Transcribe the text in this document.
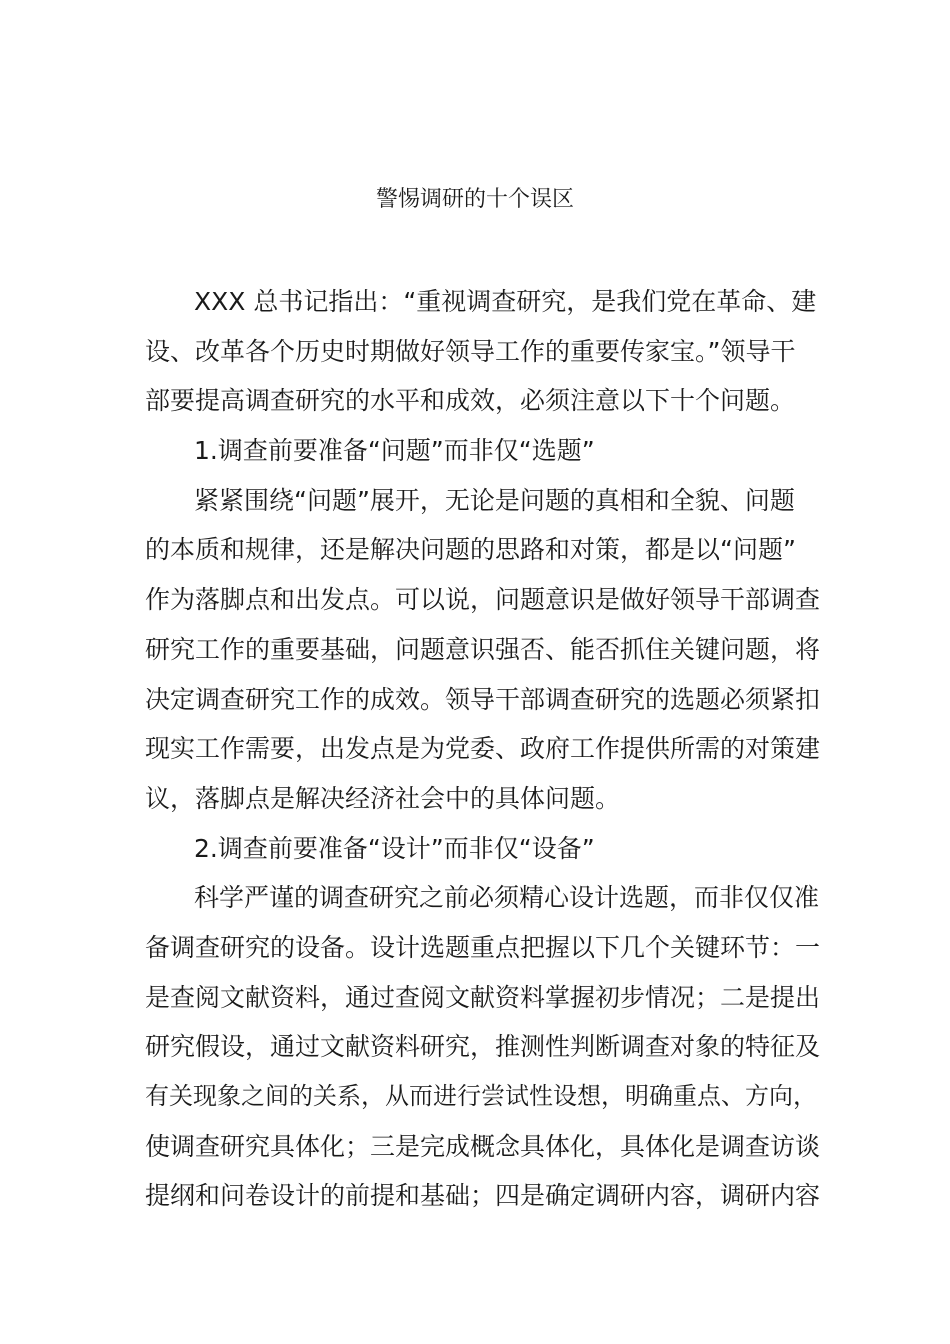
警惕调研的十个误区
XXX 总书记指出：“重视调查研究，是我们党在革命、建
设、改革各个历史时期做好领导工作的重要传家宝。”领导干
部要提高调查研究的水平和成效，必须注意以下十个问题。
1.调查前要准备“问题”而非仅“选题”
紧紧围绕“问题”展开，无论是问题的真相和全貌、问题
的本质和规律，还是解决问题的思路和对策，都是以“问题”
作为落脚点和出发点。可以说，问题意识是做好领导干部调查
研究工作的重要基础，问题意识强否、能否抓住关键问题，将
决定调查研究工作的成效。领导干部调查研究的选题必须紧扣
现实工作需要，出发点是为党委、政府工作提供所需的对策建
议，落脚点是解决经济社会中的具体问题。
2.调查前要准备“设计”而非仅“设备”
科学严谨的调查研究之前必须精心设计选题，而非仅仅准
备调查研究的设备。设计选题重点把握以下几个关键环节：一
是查阅文献资料，通过查阅文献资料掌握初步情况；二是提出
研究假设，通过文献资料研究，推测性判断调查对象的特征及
有关现象之间的关系，从而进行尝试性设想，明确重点、方向，
使调查研究具体化；三是完成概念具体化，具体化是调查访谈
提纲和问卷设计的前提和基础；四是确定调研内容，调研内容
